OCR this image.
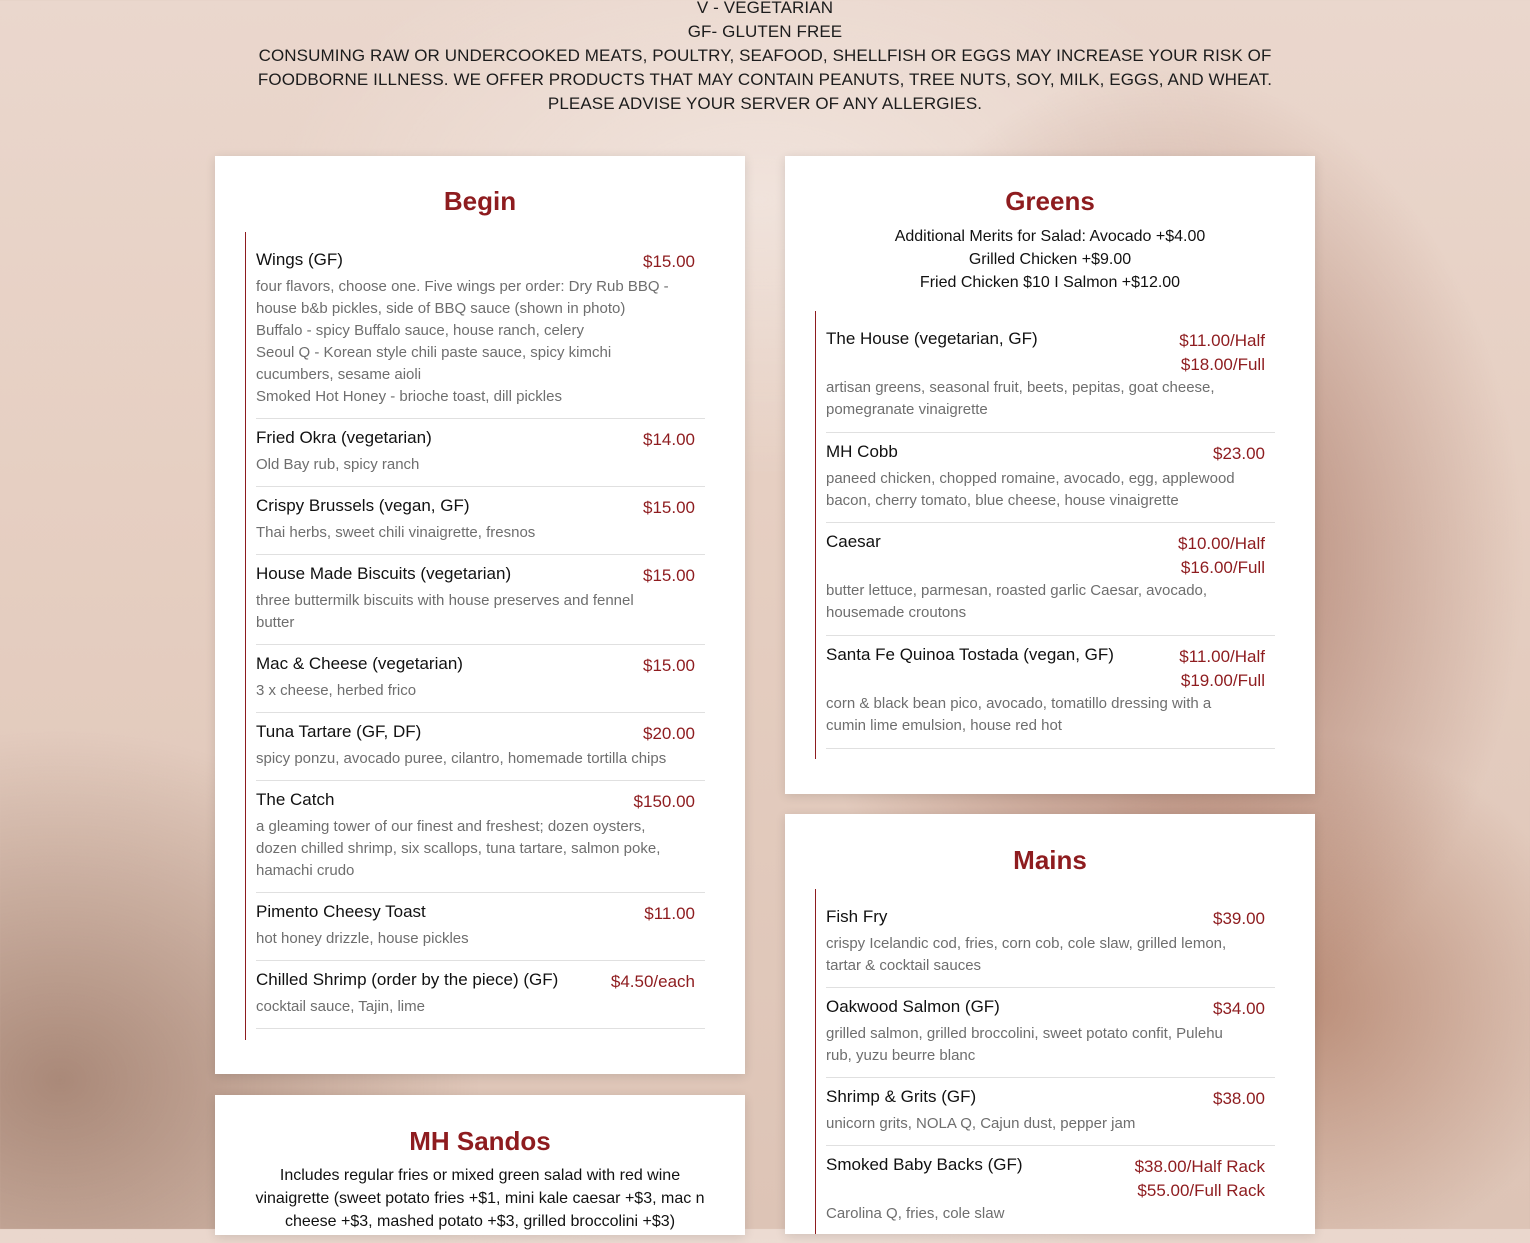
V - VEGETARIAN
GF- GLUTEN FREE
CONSUMING RAW OR UNDERCOOKED MEATS, POULTRY, SEAFOOD, SHELLFISH OR EGGS MAY INCREASE YOUR RISK OF
FOODBORNE ILLNESS. WE OFFER PRODUCTS THAT MAY CONTAIN PEANUTS, TREE NUTS, SOY, MILK, EGGS, AND WHEAT.
PLEASE ADVISE YOUR SERVER OF ANY ALLERGIES.
Begin
Wings (GF)	$15.00
four flavors, choose one. Five wings per order: Dry Rub BBQ -
house b&b pickles, side of BBQ sauce (shown in photo)
Buffalo - spicy Buffalo sauce, house ranch, celery
Seoul Q - Korean style chili paste sauce, spicy kimchi
cucumbers, sesame aioli
Smoked Hot Honey - brioche toast, dill pickles
Fried Okra (vegetarian)	$14.00
Old Bay rub, spicy ranch
Crispy Brussels (vegan, GF)	$15.00
Thai herbs, sweet chili vinaigrette, fresnos
House Made Biscuits (vegetarian)	$15.00
three buttermilk biscuits with house preserves and fennel
butter
Mac & Cheese (vegetarian)	$15.00
3 x cheese, herbed frico
Tuna Tartare (GF, DF)	$20.00
spicy ponzu, avocado puree, cilantro, homemade tortilla chips
The Catch	$150.00
a gleaming tower of our finest and freshest; dozen oysters,
dozen chilled shrimp, six scallops, tuna tartare, salmon poke,
hamachi crudo
Pimento Cheesy Toast	$11.00
hot honey drizzle, house pickles
Chilled Shrimp (order by the piece) (GF)	$4.50/each
cocktail sauce, Tajin, lime
MH Sandos
Includes regular fries or mixed green salad with red wine
vinaigrette (sweet potato fries +$1, mini kale caesar +$3, mac n
cheese +$3, mashed potato +$3, grilled broccolini +$3)
Greens
Additional Merits for Salad: Avocado +$4.00
Grilled Chicken +$9.00
Fried Chicken $10 I Salmon +$12.00
The House (vegetarian, GF)	$11.00/Half
$18.00/Full
artisan greens, seasonal fruit, beets, pepitas, goat cheese,
pomegranate vinaigrette
MH Cobb	$23.00
paneed chicken, chopped romaine, avocado, egg, applewood
bacon, cherry tomato, blue cheese, house vinaigrette
Caesar	$10.00/Half
$16.00/Full
butter lettuce, parmesan, roasted garlic Caesar, avocado,
housemade croutons
Santa Fe Quinoa Tostada (vegan, GF)	$11.00/Half
$19.00/Full
corn & black bean pico, avocado, tomatillo dressing with a
cumin lime emulsion, house red hot
Mains
Fish Fry	$39.00
crispy Icelandic cod, fries, corn cob, cole slaw, grilled lemon,
tartar & cocktail sauces
Oakwood Salmon (GF)	$34.00
grilled salmon, grilled broccolini, sweet potato confit, Pulehu
rub, yuzu beurre blanc
Shrimp & Grits (GF)	$38.00
unicorn grits, NOLA Q, Cajun dust, pepper jam
Smoked Baby Backs (GF)	$38.00/Half Rack
$55.00/Full Rack
Carolina Q, fries, cole slaw
